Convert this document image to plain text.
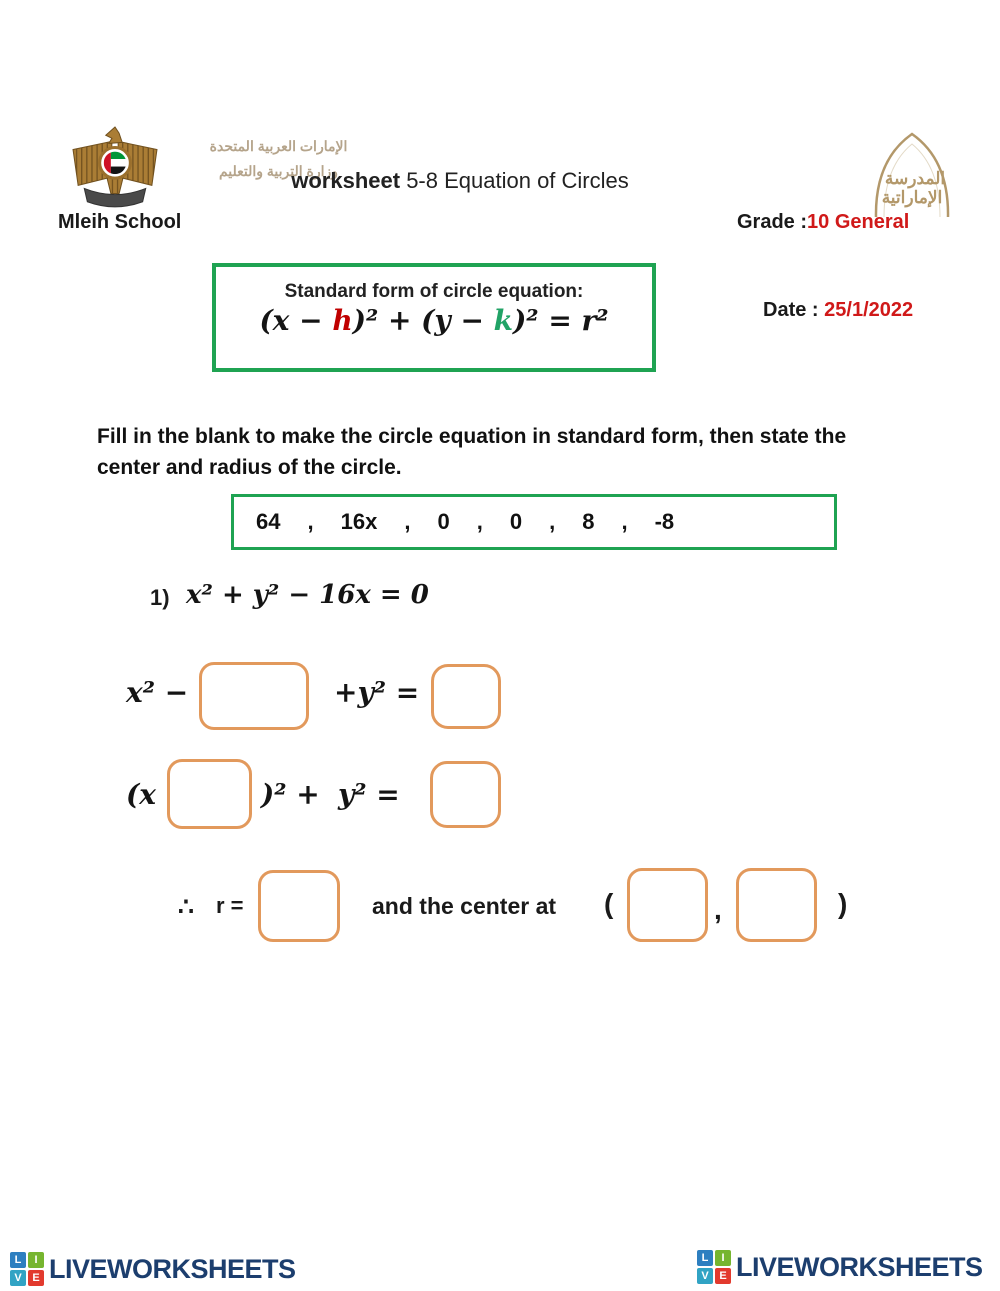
الإمارات العربية المتحدة
وزارة التربية والتعليم
worksheet 5-8 Equation of Circles	المدرسة
الإماراتية
Mleih School	Grade :10 General
Standard form of circle equation:
(x − h)² + (y − k)² = r²	Date : 25/1/2022
Fill in the blank to make the circle equation in standard form, then state the
center and radius of the circle.
64 , 16x , 0 , 0 , 8 , -8
1) x² + y² − 16x = 0
x² −	+y² =
(x	)² + y² =
∴ r =	and the center at (	,	)
L	I
V E LIVEWORKSHEETS	L	I
V E LIVEWORKSHEETS
